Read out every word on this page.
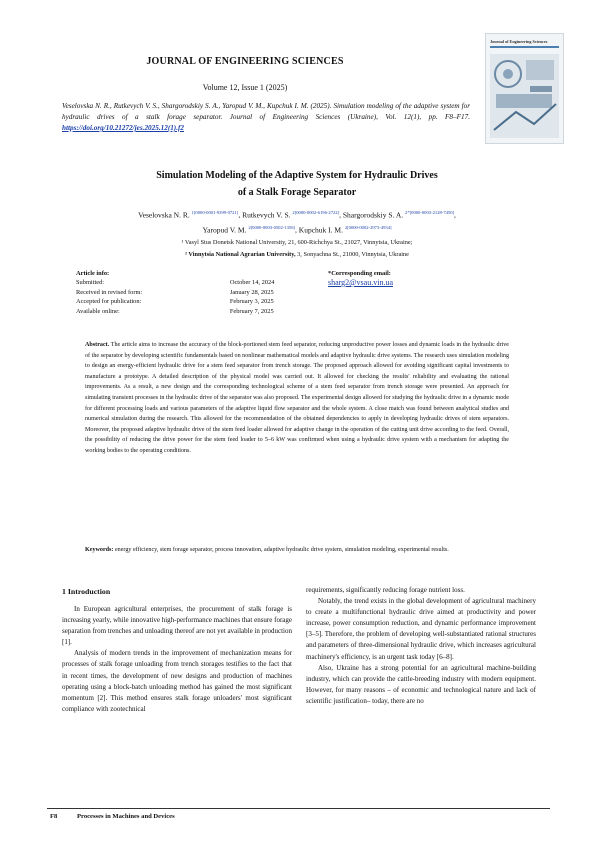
JOURNAL OF ENGINEERING SCIENCES
Volume 12, Issue 1 (2025)
Veselovska N. R., Rutkevych V. S., Shargorodskiy S. A., Yaropud V. M., Kupchuk I. M. (2025). Simulation modeling of the adaptive system for hydraulic drives of a stalk forage separator. Journal of Engineering Sciences (Ukraine), Vol. 12(1), pp. F8–F17. https://doi.org/10.21272/jes.2025.12(1).f2
Journal of Engineering Sciences
Simulation Modeling of the Adaptive System for Hydraulic Drives
of a Stalk Forage Separator
Veselovska N. R. $^{1[0000-0001-9399-0721]}$, Rutkevych V. S. $^{2[0000-0002-6196-2722]}$, Shargorodskiy S. A. $^{2*[0000-0003-2128-7450]}$,
Yaropud V. M. $^{2[0000-0003-0502-1356]}$, Kupchuk I. M. $^{2[0000-0002-2973-4934]}$
¹ Vasyl Stus Donetsk National University, 21, 600-Richchya St., 21027, Vinnytsia, Ukraine;
² Vinnytsia National Agrarian University, 3, Sonyachna St., 21000, Vinnytsia, Ukraine
Article info:
Submitted:	October 14, 2024
Received in revised form:	January 28, 2025
Accepted for publication:	February 3, 2025
Available online:	February 7, 2025
*Corresponding email:
sharg2@vsau.vin.ua
Abstract. The article aims to increase the accuracy of the block-portioned stem feed separator, reducing unproductive power losses and dynamic loads in the hydraulic drive of the separator by developing scientific fundamentals based on nonlinear mathematical models and adaptive hydraulic drive systems. The research uses simulation modeling to design an energy-efficient hydraulic drive for a stem feed separator from trench storage. The proposed approach allowed for avoiding significant capital investments to manufacture a prototype. A detailed description of the physical model was carried out. It allowed for checking the results' reliability and evaluating the rational improvements. As a result, a new design and the corresponding technological scheme of a stem feed separator from trench storage were presented. An approach for simulating transient processes in the hydraulic drive of the separator was also proposed. The experimental design allowed for studying the hydraulic drive in a dynamic mode for different processing loads and various parameters of the adaptive liquid flow separator and the whole system. A close match was found between analytical studies and numerical simulation during the research. This allowed for the recommendation of the obtained dependencies to apply in developing hydraulic drives of stem separators. Moreover, the proposed adaptive hydraulic drive of the stem feed loader allowed for adaptive change in the operation of the cutting unit drive according to the feed. Overall, the possibility of reducing the drive power for the stem feed loader to 5–6 kW was confirmed when using a hydraulic drive system with a mechanism for adapting the working bodies to the operating conditions.
Keywords: energy efficiency, stem forage separator, process innovation, adaptive hydraulic drive system, simulation modeling, experimental results.
1 Introduction

In European agricultural enterprises, the procurement of stalk forage is increasing yearly, while innovative high-performance machines that ensure forage separation from trenches and unloading thereof are not yet available in production [1].

Analysis of modern trends in the improvement of mechanization means for processes of stalk forage unloading from trench storages testifies to the fact that in recent times, the development of new designs and production of machines operating using a block-batch unloading method has gained the most significant momentum [2]. This method ensures stalk forage unloaders' most significant compliance with zootechnical

requirements, significantly reducing forage nutrient loss.

Notably, the trend exists in the global development of agricultural machinery to create a multifunctional hydraulic drive aimed at productivity and power increase, power consumption reduction, and dynamic performance improvement [3–5]. Therefore, the problem of developing well-substantiated rational structures and parameters of three-dimensional hydraulic drive, which increases agricultural machinery's efficiency, is an urgent task today [6–8].

Also, Ukraine has a strong potential for an agricultural machine-building industry, which can provide the cattle-breeding industry with modern equipment. However, for many reasons – of economic and technological nature and lack of scientific justification– today, there are no

F8	Processes in Machines and Devices
